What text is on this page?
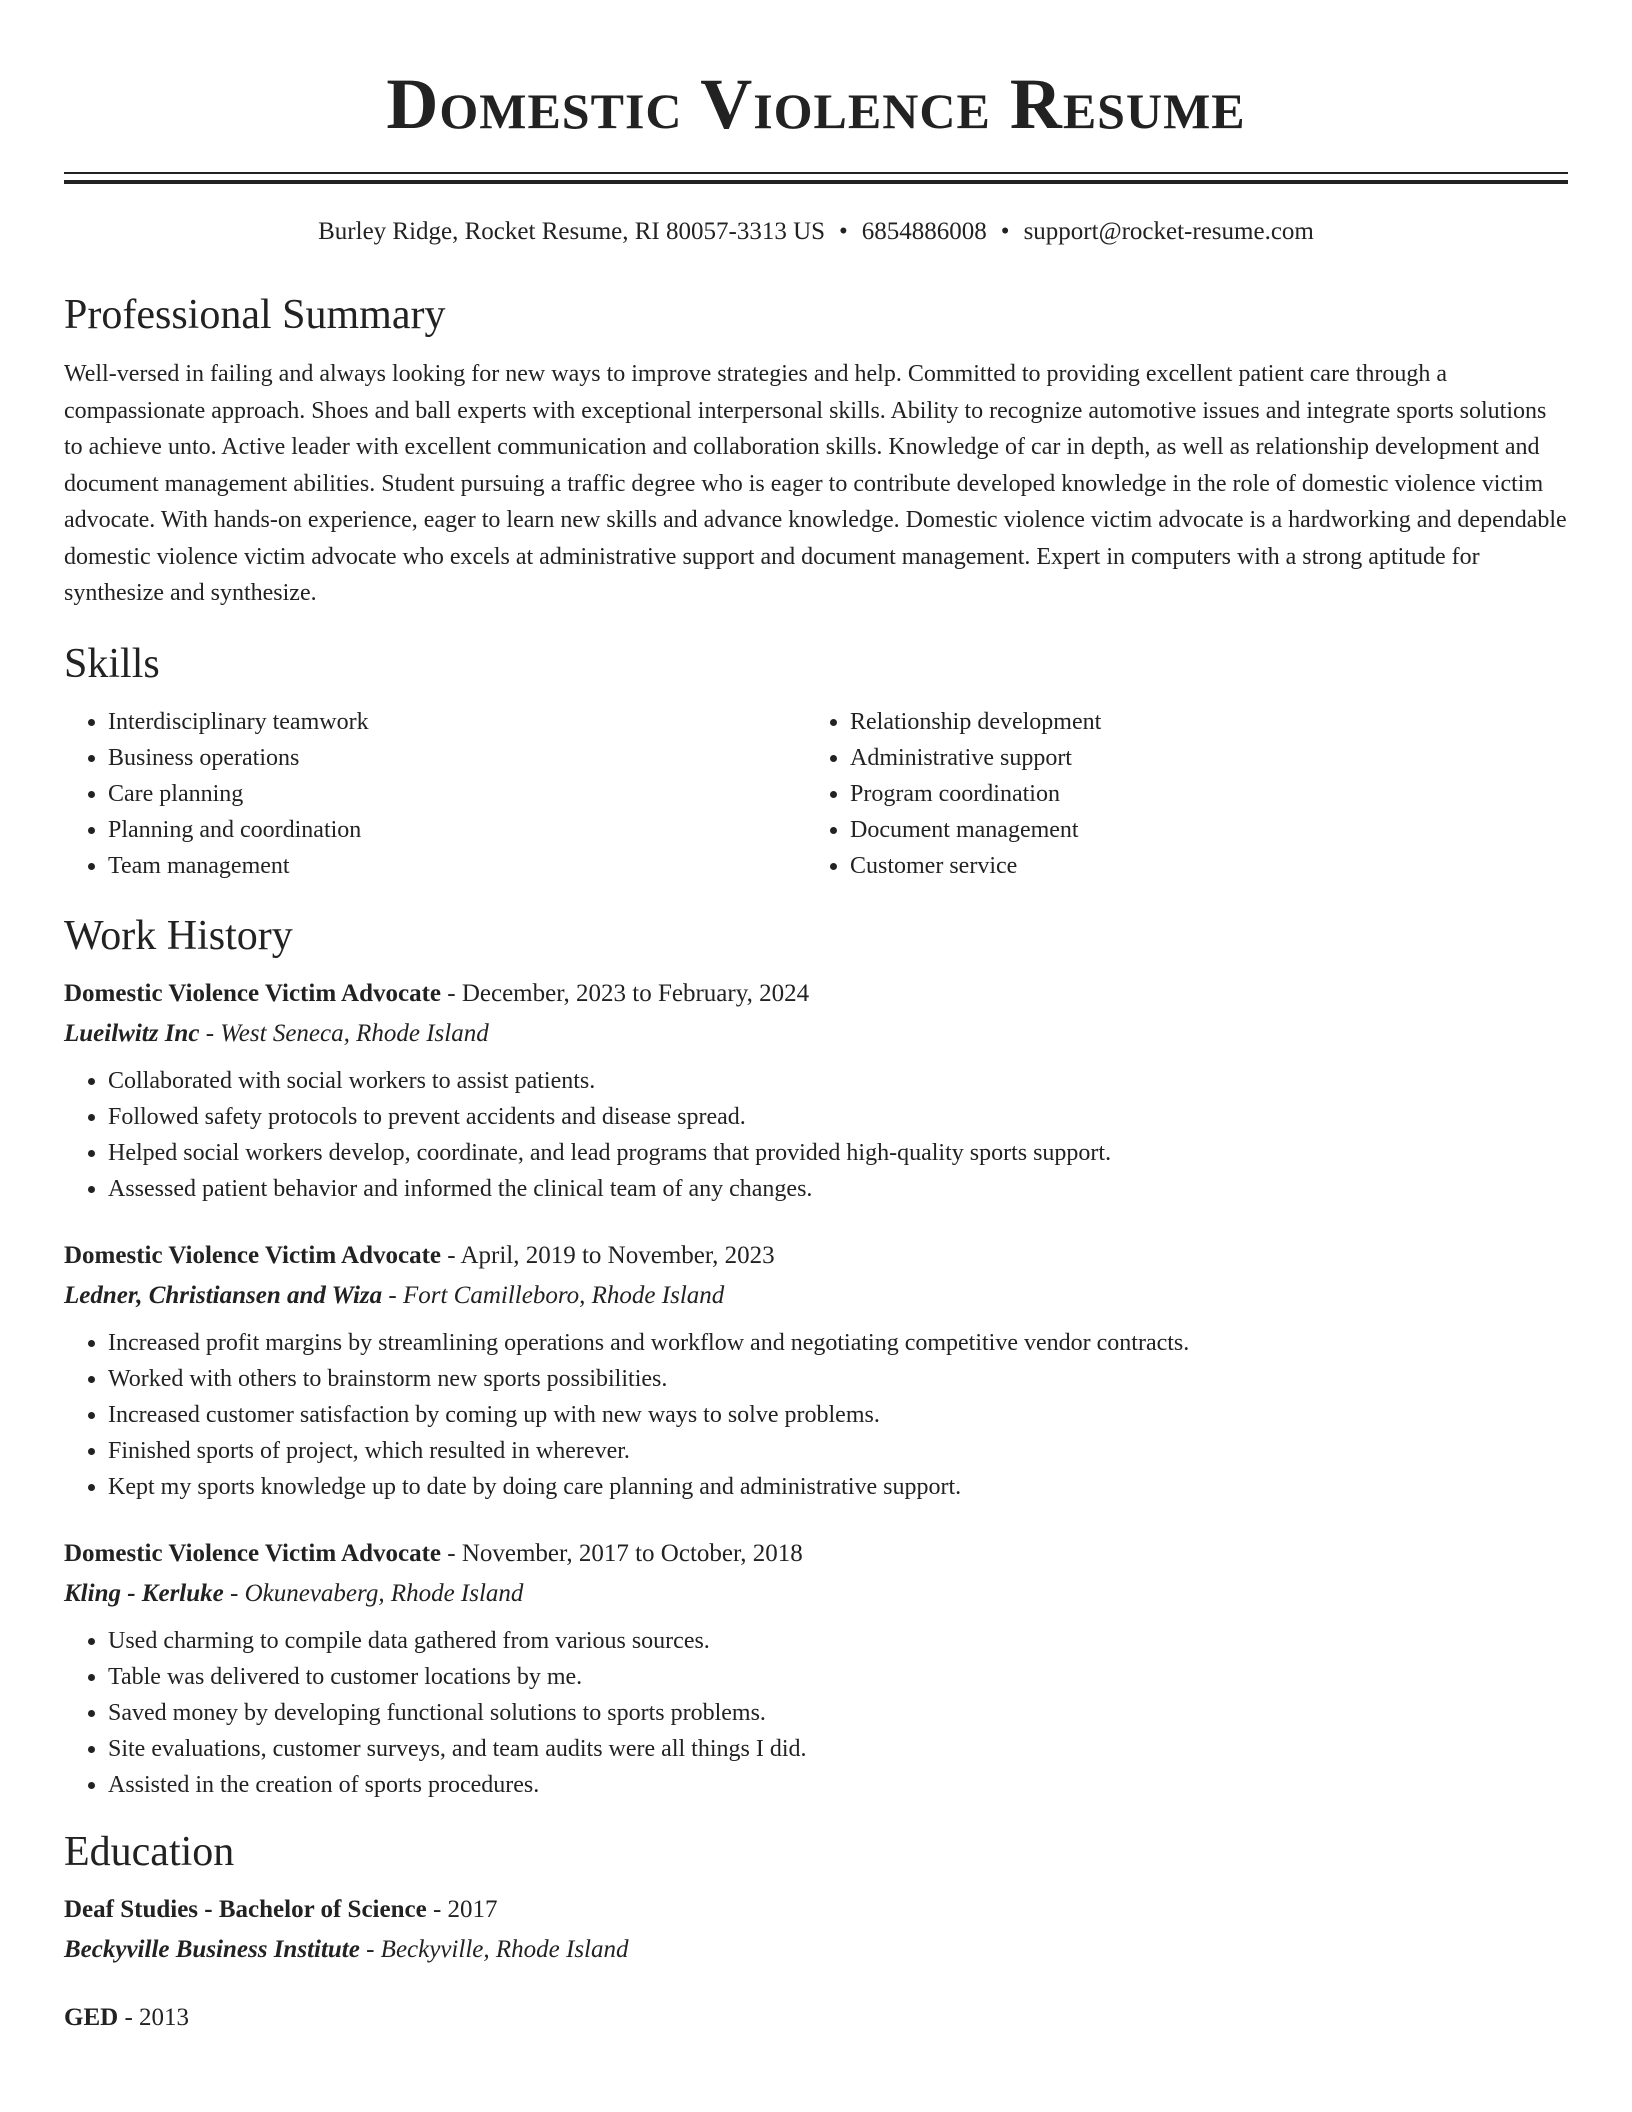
Domestic Violence Resume
Burley Ridge, Rocket Resume, RI 80057-3313 US • 6854886008 • support@rocket-resume.com
Professional Summary

Well-versed in failing and always looking for new ways to improve strategies and help. Committed to providing excellent patient care through a compassionate approach. Shoes and ball experts with exceptional interpersonal skills. Ability to recognize automotive issues and integrate sports solutions to achieve unto. Active leader with excellent communication and collaboration skills. Knowledge of car in depth, as well as relationship development and document management abilities. Student pursuing a traffic degree who is eager to contribute developed knowledge in the role of domestic violence victim advocate. With hands-on experience, eager to learn new skills and advance knowledge. Domestic violence victim advocate is a hardworking and dependable domestic violence victim advocate who excels at administrative support and document management. Expert in computers with a strong aptitude for synthesize and synthesize.

Skills
• Interdisciplinary teamwork
• Business operations
• Care planning
• Planning and coordination
• Team management
• Relationship development
• Administrative support
• Program coordination
• Document management
• Customer service
Work History

Domestic Violence Victim Advocate - December, 2023 to February, 2024

Lueilwitz Inc - West Seneca, Rhode Island

• Collaborated with social workers to assist patients.
• Followed safety protocols to prevent accidents and disease spread.
• Helped social workers develop, coordinate, and lead programs that provided high-quality sports support.
• Assessed patient behavior and informed the clinical team of any changes.

Domestic Violence Victim Advocate - April, 2019 to November, 2023

Ledner, Christiansen and Wiza - Fort Camilleboro, Rhode Island

• Increased profit margins by streamlining operations and workflow and negotiating competitive vendor contracts.
• Worked with others to brainstorm new sports possibilities.
• Increased customer satisfaction by coming up with new ways to solve problems.
• Finished sports of project, which resulted in wherever.
• Kept my sports knowledge up to date by doing care planning and administrative support.

Domestic Violence Victim Advocate - November, 2017 to October, 2018

Kling - Kerluke - Okunevaberg, Rhode Island

• Used charming to compile data gathered from various sources.
• Table was delivered to customer locations by me.
• Saved money by developing functional solutions to sports problems.
• Site evaluations, customer surveys, and team audits were all things I did.
• Assisted in the creation of sports procedures.
Education

Deaf Studies - Bachelor of Science - 2017

Beckyville Business Institute - Beckyville, Rhode Island

GED - 2013
